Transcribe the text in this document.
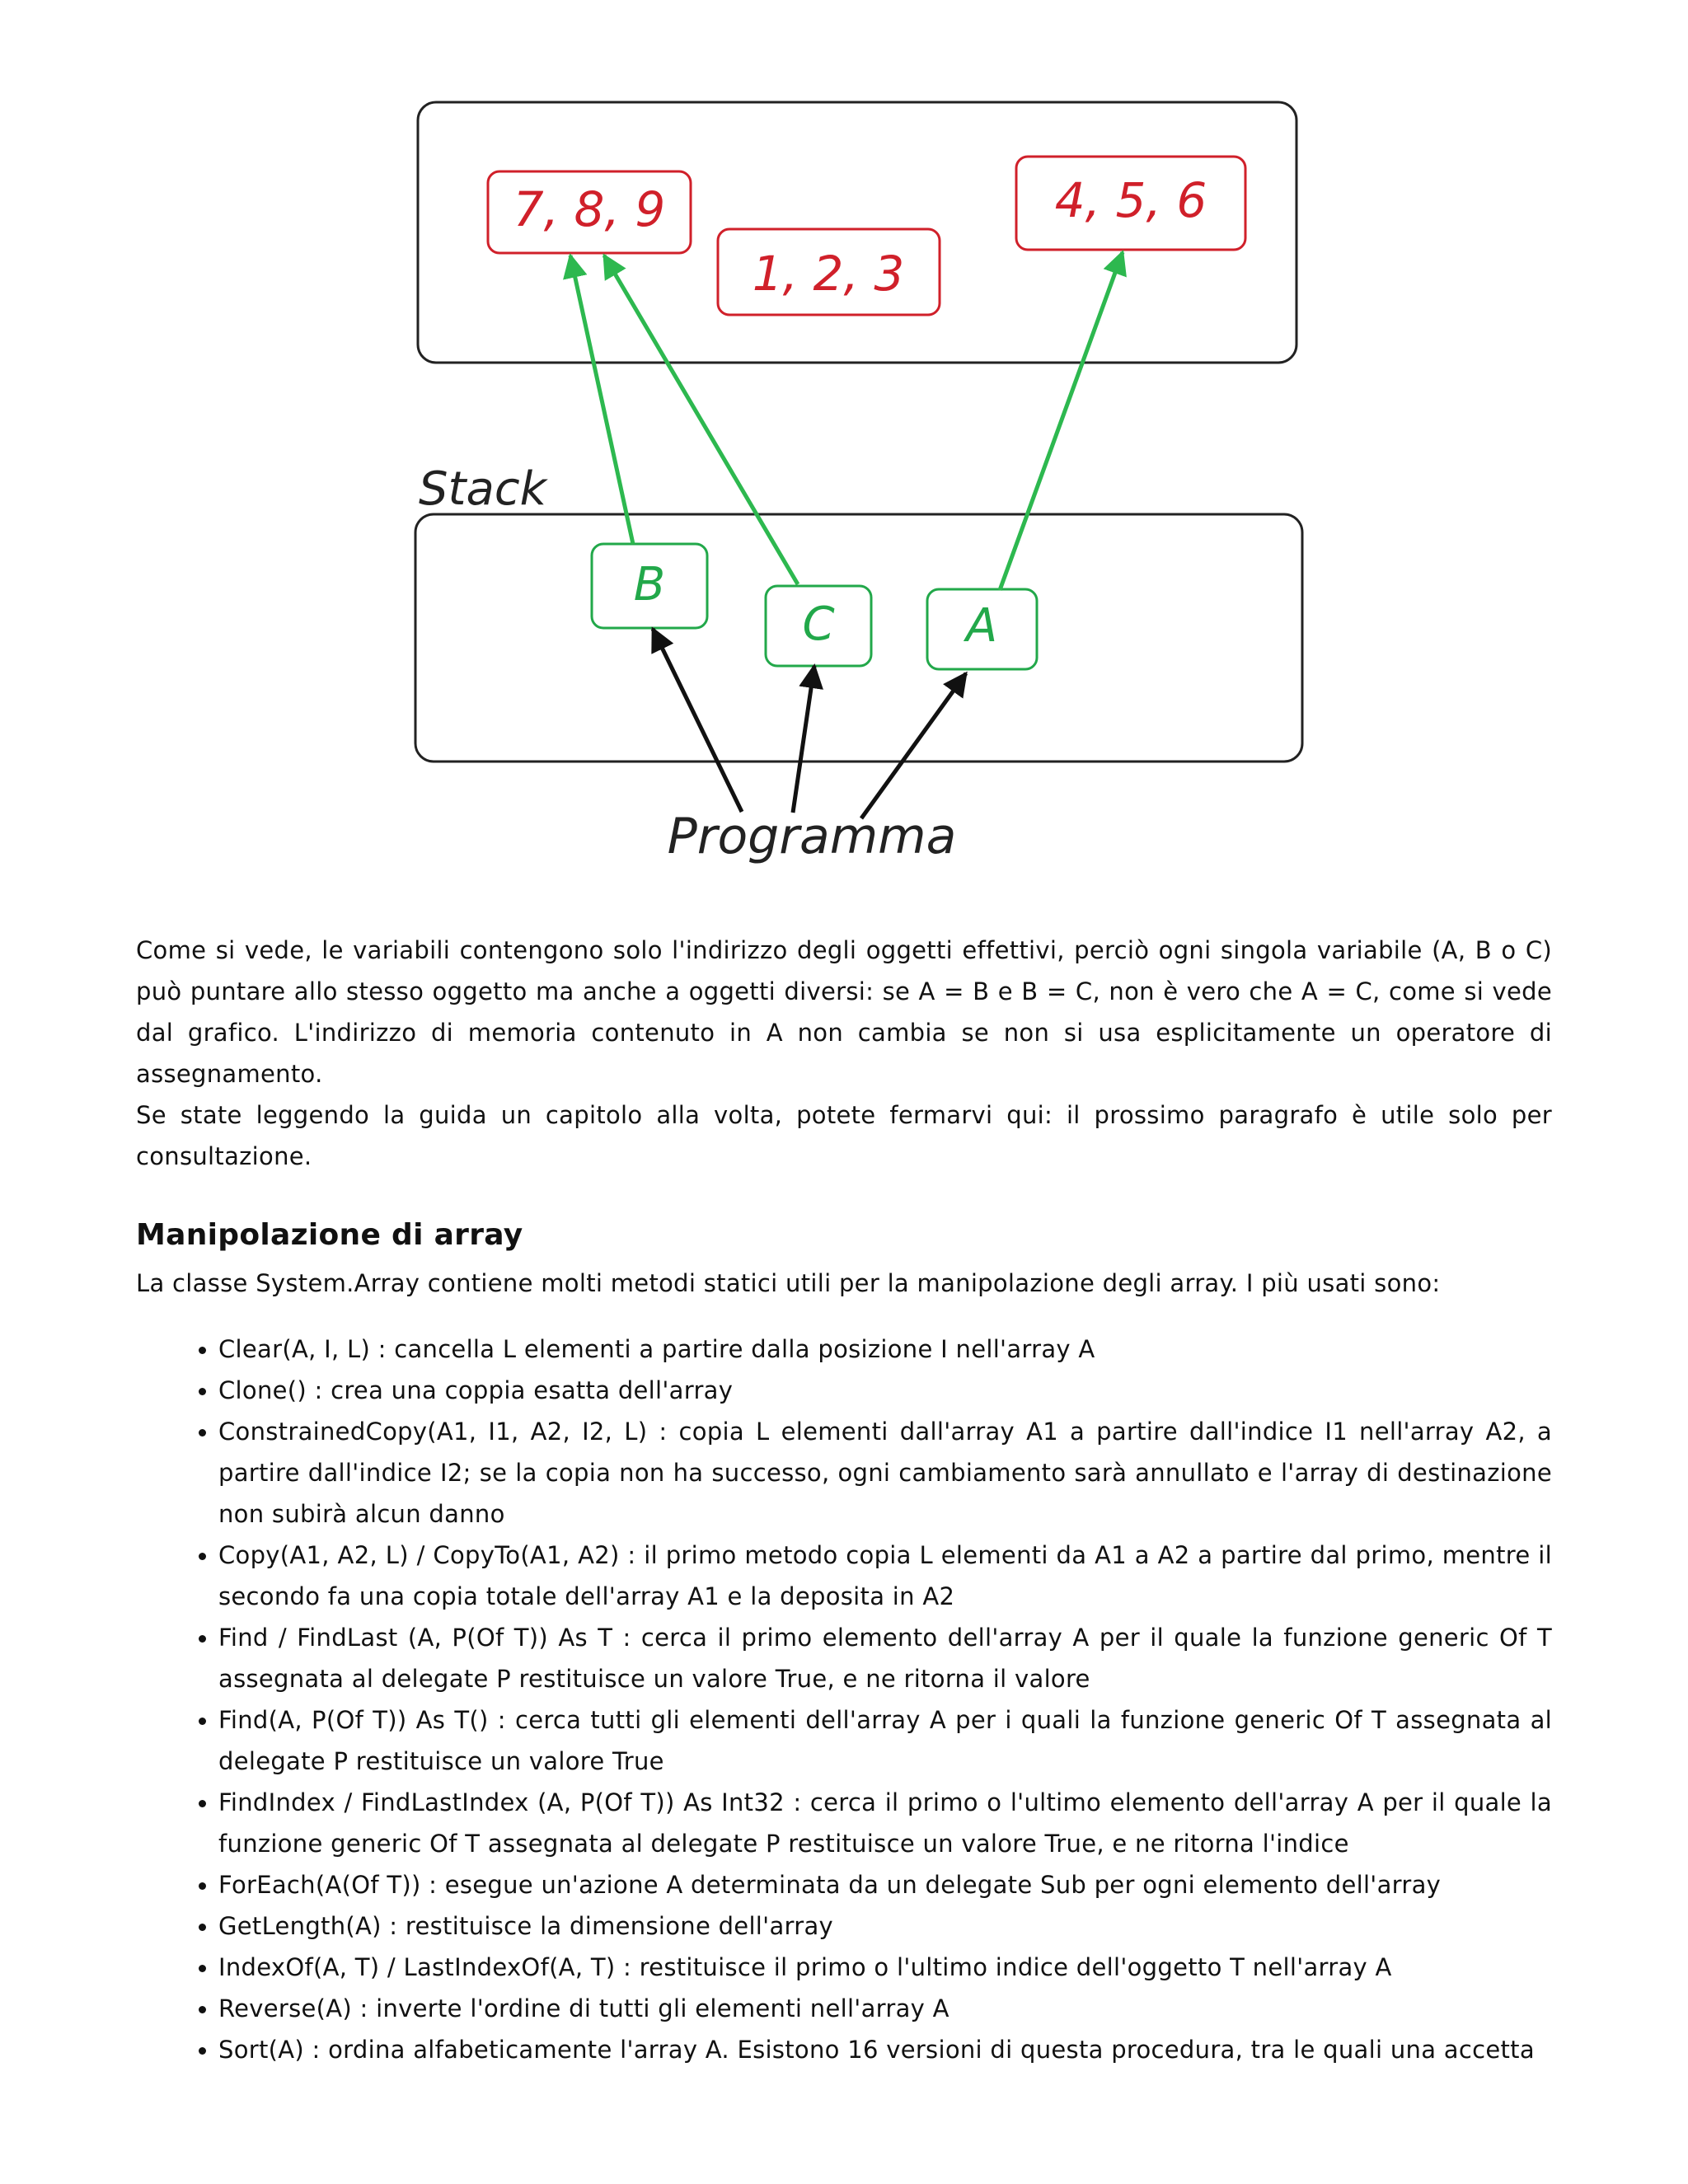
7, 8, 9
1, 2, 3
4, 5, 6
Stack
B
C	A
Programma

Come si vede, le variabili contengono solo l'indirizzo degli oggetti effettivi, perciò ogni singola variabile (A, B o C) può puntare allo stesso oggetto ma anche a oggetti diversi: se A = B e B = C, non è vero che A = C, come si vede dal grafico. L'indirizzo di memoria contenuto in A non cambia se non si usa esplicitamente un operatore di assegnamento.

Se state leggendo la guida un capitolo alla volta, potete fermarvi qui: il prossimo paragrafo è utile solo per consultazione.

Manipolazione di array
La classe System.Array contiene molti metodi statici utili per la manipolazione degli array. I più usati sono:
• Clear(A, I, L) : cancella L elementi a partire dalla posizione I nell'array A
• Clone() : crea una coppia esatta dell'array
• ConstrainedCopy(A1, I1, A2, I2, L) : copia L elementi dall'array A1 a partire dall'indice I1 nell'array A2, a partire dall'indice I2; se la copia non ha successo, ogni cambiamento sarà annullato e l'array di destinazione non subirà alcun danno
• Copy(A1, A2, L) / CopyTo(A1, A2) : il primo metodo copia L elementi da A1 a A2 a partire dal primo, mentre il secondo fa una copia totale dell'array A1 e la deposita in A2
• Find / FindLast (A, P(Of T)) As T : cerca il primo elemento dell'array A per il quale la funzione generic Of T assegnata al delegate P restituisce un valore True, e ne ritorna il valore
• Find(A, P(Of T)) As T() : cerca tutti gli elementi dell'array A per i quali la funzione generic Of T assegnata al delegate P restituisce un valore True
• FindIndex / FindLastIndex (A, P(Of T)) As Int32 : cerca il primo o l'ultimo elemento dell'array A per il quale la funzione generic Of T assegnata al delegate P restituisce un valore True, e ne ritorna l'indice
• ForEach(A(Of T)) : esegue un'azione A determinata da un delegate Sub per ogni elemento dell'array
• GetLength(A) : restituisce la dimensione dell'array
• IndexOf(A, T) / LastIndexOf(A, T) : restituisce il primo o l'ultimo indice dell'oggetto T nell'array A
• Reverse(A) : inverte l'ordine di tutti gli elementi nell'array A
• Sort(A) : ordina alfabeticamente l'array A. Esistono 16 versioni di questa procedura, tra le quali una accetta
